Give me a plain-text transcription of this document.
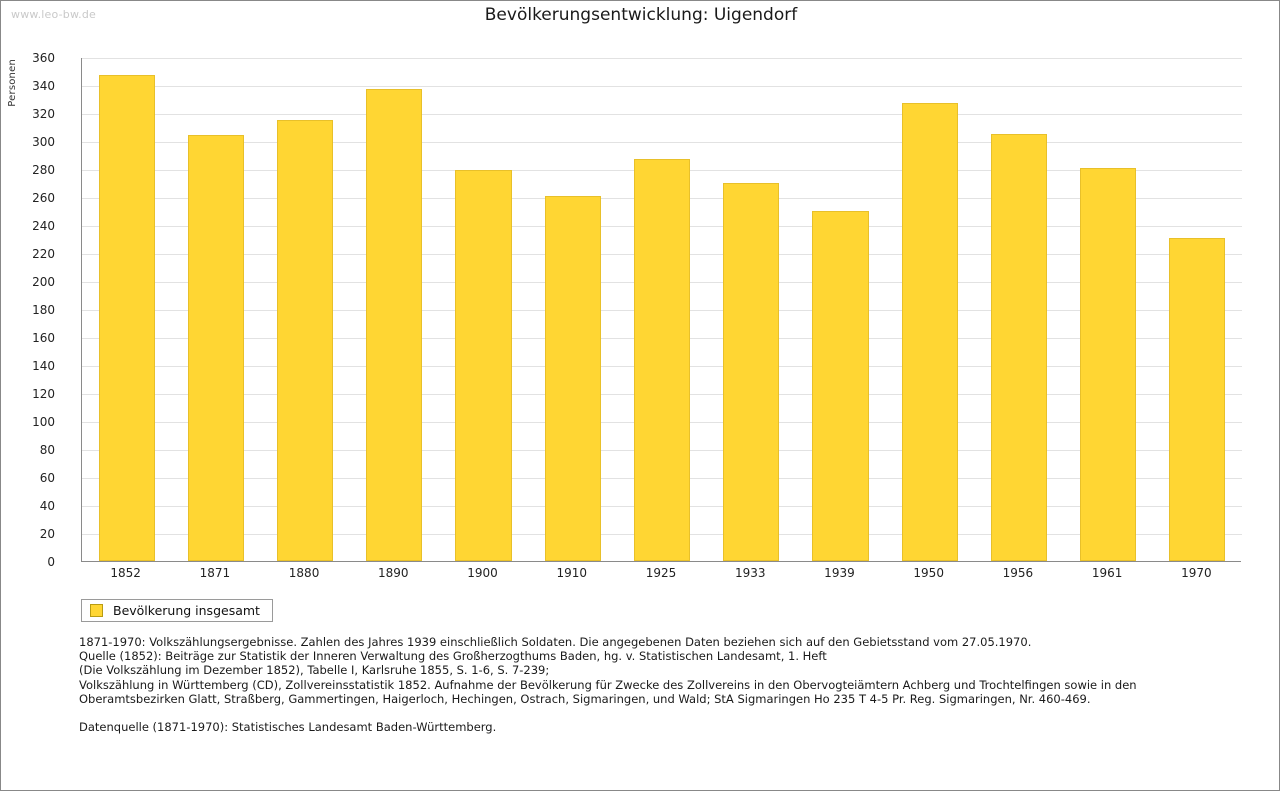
www.leo-bw.de	Bevölkerungsentwicklung: Uigendorf
Personen
0
20
40
60
80
100
120
140
160
180
200
220
240
260
280
300
320
340
360
1852	1871	1880	1890	1900	1910	1925	1933	1939	1950	1956	1961	1970
Bevölkerung insgesamt

1871-1970: Volkszählungsergebnisse. Zahlen des Jahres 1939 einschließlich Soldaten. Die angegebenen Daten beziehen sich auf den Gebietsstand vom 27.05.1970.

Quelle (1852): Beiträge zur Statistik der Inneren Verwaltung des Großherzogthums Baden, hg. v. Statistischen Landesamt, 1. Heft

(Die Volkszählung im Dezember 1852), Tabelle I, Karlsruhe 1855, S. 1-6, S. 7-239;

Volkszählung in Württemberg (CD), Zollvereinsstatistik 1852. Aufnahme der Bevölkerung für Zwecke des Zollvereins in den Obervogteiämtern Achberg und Trochtelfingen sowie in den Oberamtsbezirken Glatt, Straßberg, Gammertingen, Haigerloch, Hechingen, Ostrach, Sigmaringen, und Wald; StA Sigmaringen Ho 235 T 4-5 Pr. Reg. Sigmaringen, Nr. 460-469.

Datenquelle (1871-1970): Statistisches Landesamt Baden-Württemberg.
